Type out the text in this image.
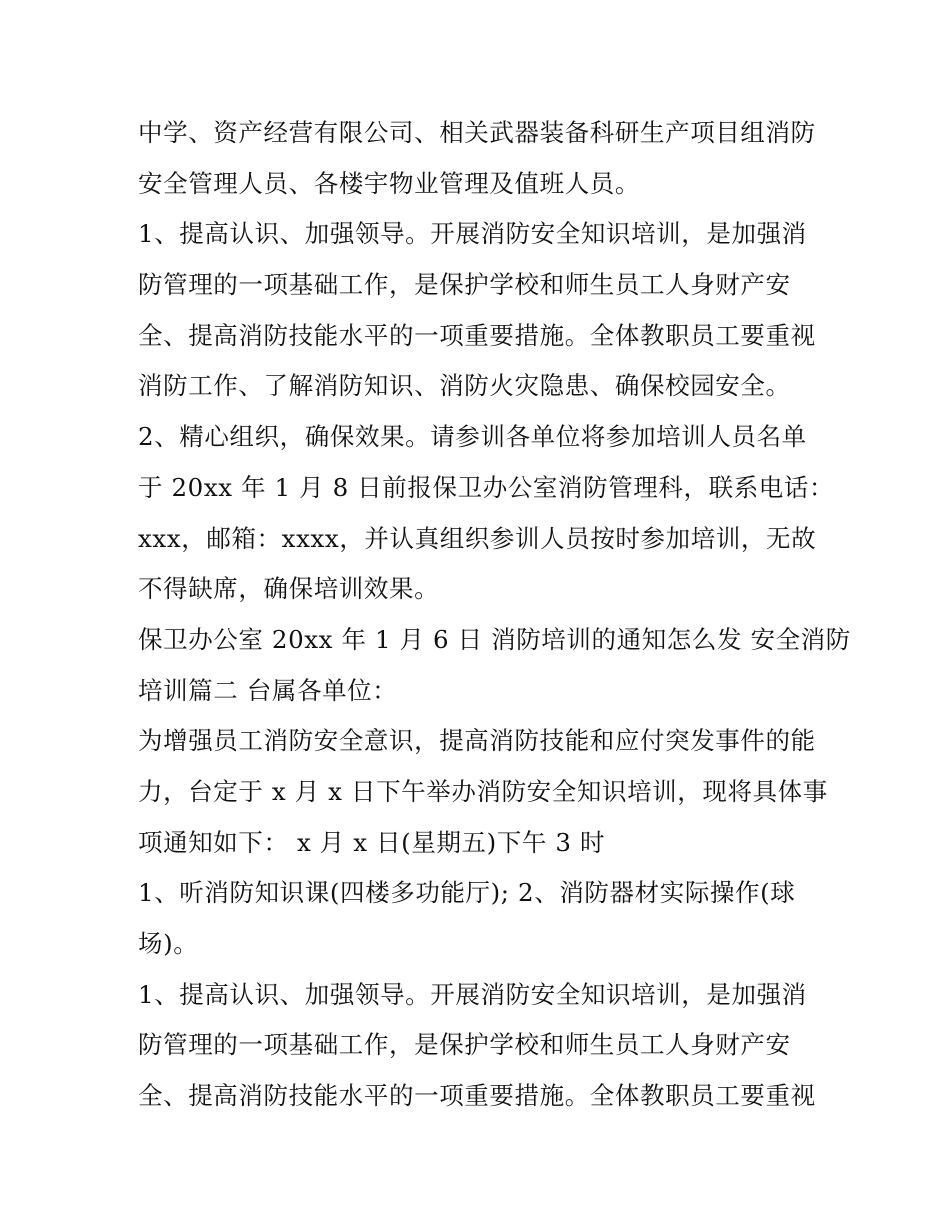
中学、资产经营有限公司、相关武器装备科研生产项目组消防

安全管理人员、各楼宇物业管理及值班人员。

1、提高认识、加强领导。开展消防安全知识培训，是加强消

防管理的一项基础工作，是保护学校和师生员工人身财产安

全、提高消防技能水平的一项重要措施。全体教职员工要重视

消防工作、了解消防知识、消防火灾隐患、确保校园安全。

2、精心组织，确保效果。请参训各单位将参加培训人员名单

于 20xx 年 1 月 8 日前报保卫办公室消防管理科，联系电话：

xxx，邮箱：xxxx，并认真组织参训人员按时参加培训，无故

不得缺席，确保培训效果。

保卫办公室 20xx 年 1 月 6 日 消防培训的通知怎么发 安全消防

培训篇二 台属各单位：

为增强员工消防安全意识，提高消防技能和应付突发事件的能

力，台定于 x 月 x 日下午举办消防安全知识培训，现将具体事

项通知如下： x 月 x 日(星期五)下午 3 时

1、听消防知识课(四楼多功能厅); 2、消防器材实际操作(球

场)。

1、提高认识、加强领导。开展消防安全知识培训，是加强消

防管理的一项基础工作，是保护学校和师生员工人身财产安

全、提高消防技能水平的一项重要措施。全体教职员工要重视
